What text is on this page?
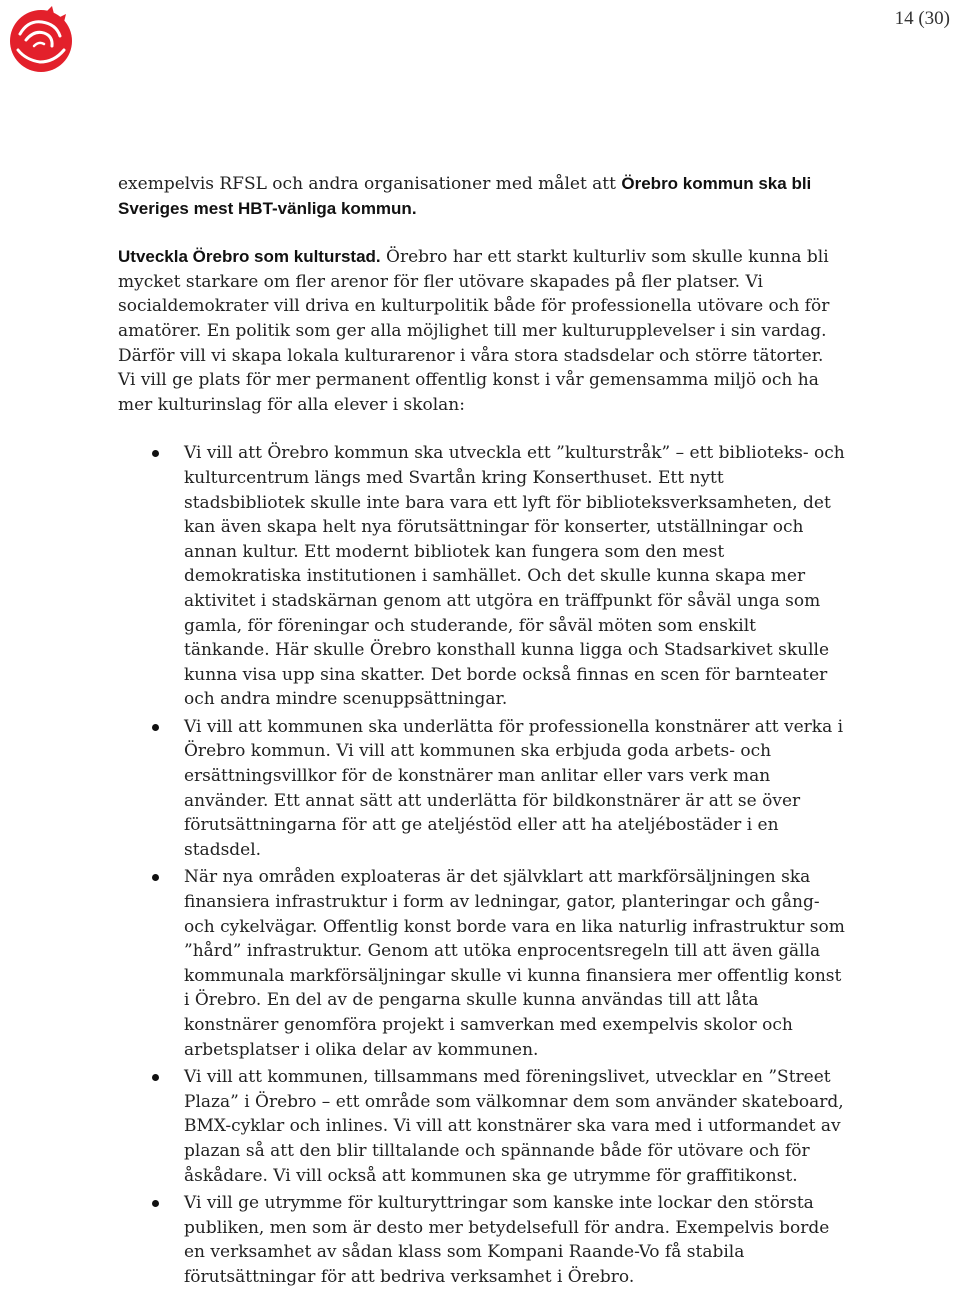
14 (30)

exempelvis RFSL och andra organisationer med målet att Örebro kommun ska bli Sveriges mest HBT-vänliga kommun.

Utveckla Örebro som kulturstad. Örebro har ett starkt kulturliv som skulle kunna bli mycket starkare om fler arenor för fler utövare skapades på fler platser. Vi socialdemokrater vill driva en kulturpolitik både för professionella utövare och för amatörer. En politik som ger alla möjlighet till mer kulturupplevelser i sin vardag. Därför vill vi skapa lokala kulturarenor i våra stora stadsdelar och större tätorter. Vi vill ge plats för mer permanent offentlig konst i vår gemensamma miljö och ha mer kulturinslag för alla elever i skolan:

Vi vill att Örebro kommun ska utveckla ett ”kulturstråk” – ett biblioteks- och kulturcentrum längs med Svartån kring Konserthuset. Ett nytt stadsbibliotek skulle inte bara vara ett lyft för biblioteksverksamheten, det kan även skapa helt nya förutsättningar för konserter, utställningar och annan kultur. Ett modernt bibliotek kan fungera som den mest demokratiska institutionen i samhället. Och det skulle kunna skapa mer aktivitet i stadskärnan genom att utgöra en träffpunkt för såväl unga som gamla, för föreningar och studerande, för såväl möten som enskilt tänkande. Här skulle Örebro konsthall kunna ligga och Stadsarkivet skulle kunna visa upp sina skatter. Det borde också finnas en scen för barnteater och andra mindre scenuppsättningar.
Vi vill att kommunen ska underlätta för professionella konstnärer att verka i Örebro kommun. Vi vill att kommunen ska erbjuda goda arbets- och ersättningsvillkor för de konstnärer man anlitar eller vars verk man använder. Ett annat sätt att underlätta för bildkonstnärer är att se över förutsättningarna för att ge ateljéstöd eller att ha ateljébostäder i en stadsdel.
När nya områden exploateras är det självklart att markförsäljningen ska finansiera infrastruktur i form av ledningar, gator, planteringar och gång- och cykelvägar. Offentlig konst borde vara en lika naturlig infrastruktur som ”hård” infrastruktur. Genom att utöka enprocentsregeln till att även gälla kommunala markförsäljningar skulle vi kunna finansiera mer offentlig konst i Örebro. En del av de pengarna skulle kunna användas till att låta konstnärer genomföra projekt i samverkan med exempelvis skolor och arbetsplatser i olika delar av kommunen.
Vi vill att kommunen, tillsammans med föreningslivet, utvecklar en ”Street Plaza” i Örebro – ett område som välkomnar dem som använder skateboard, BMX-cyklar och inlines. Vi vill att konstnärer ska vara med i utformandet av plazan så att den blir tilltalande och spännande både för utövare och för åskådare. Vi vill också att kommunen ska ge utrymme för graffitikonst.
Vi vill ge utrymme för kulturyttringar som kanske inte lockar den största publiken, men som är desto mer betydelsefull för andra. Exempelvis borde en verksamhet av sådan klass som Kompani Raande-Vo få stabila förutsättningar för att bedriva verksamhet i Örebro.
